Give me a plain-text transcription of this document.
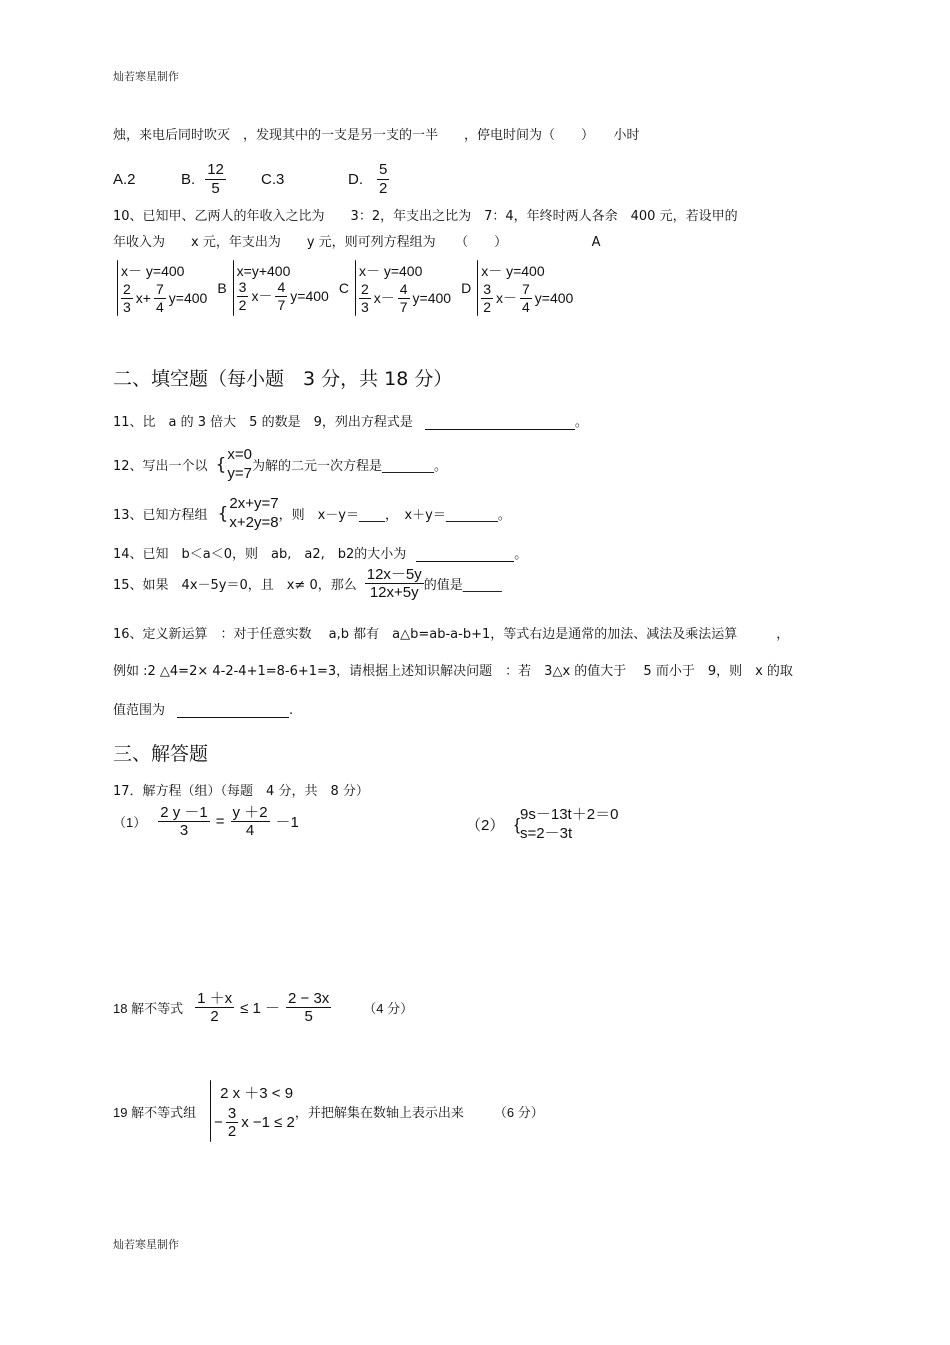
灿若寒星制作
灿若寒星制作
烛，来电后同时吹灭　，发现其中的一支是另一支的一半　　，停电时间为（　　）　　小时
A.2	B. $\frac{12}{5} C.3$	D. $\frac{5}{2}$
10、已知甲、乙两人的年收入之比为　　3：2，年支出之比为　7：4，年终时两人各余　400 元，若设甲的
年收入为　　x 元，年支出为　　y 元，则可列方程组为　　（　　）　　　　　　　A
x－ y=400
$\frac{2}{3} x+ \frac{7}{4} y=400$
B
x=y+400
$\frac{3}{2} x- \frac{4}{7} y=400$ C
x－ y=400
$\frac{2}{3} x- \frac{4}{7} y=400$
D
x－ y=400
$\frac{3}{2} x- \frac{7}{4} y=400$
二、填空题（每小题　3 分，共 18 分）
11、比　a 的 3 倍大　5 的数是　9，列出方程式是	。
12、写出一个以 {
x=0
y=7 为解的二元一次方程是________。
13、已知方程组 {
2x+y=7
x+2y=8 ，则　x－y＝____，　x＋y＝________。
14、已知　b＜a＜0，则　ab,　a2,　b2的大小为	。
15、如果　4x－5y＝0，且　x≠ 0，那么 $\frac{12x-5y}{12x+5y}$ 的值是______
16、定义新运算　：对于任意实数　 a,b 都有　a△b=ab-a-b+1，等式右边是通常的加法、减法及乘法运算　　　，
例如 :2 △4=2× 4-2-4+1=8-6+1=3，请根据上述知识解决问题　：若　3△x 的值大于　 5 而小于　9，则　x 的取
值范围为	.
三、解答题
17．解方程（组）（每题　4 分，共　8 分）
$(1) \frac{2 y -1}{3} = \frac{y +2}{4} -1$	（2） {
9s－13t＋2＝0
s=2－3t
18 解不等式 $\frac{1 +x}{2} \le 1 - \frac{2 - 3x}{5} (4$ 分）
19 解不等式组
2 x ＋3 < 9
− $\frac{3}{2}$ x −1 ≤ 2
，并把解集在数轴上表示出来 （6 分）
